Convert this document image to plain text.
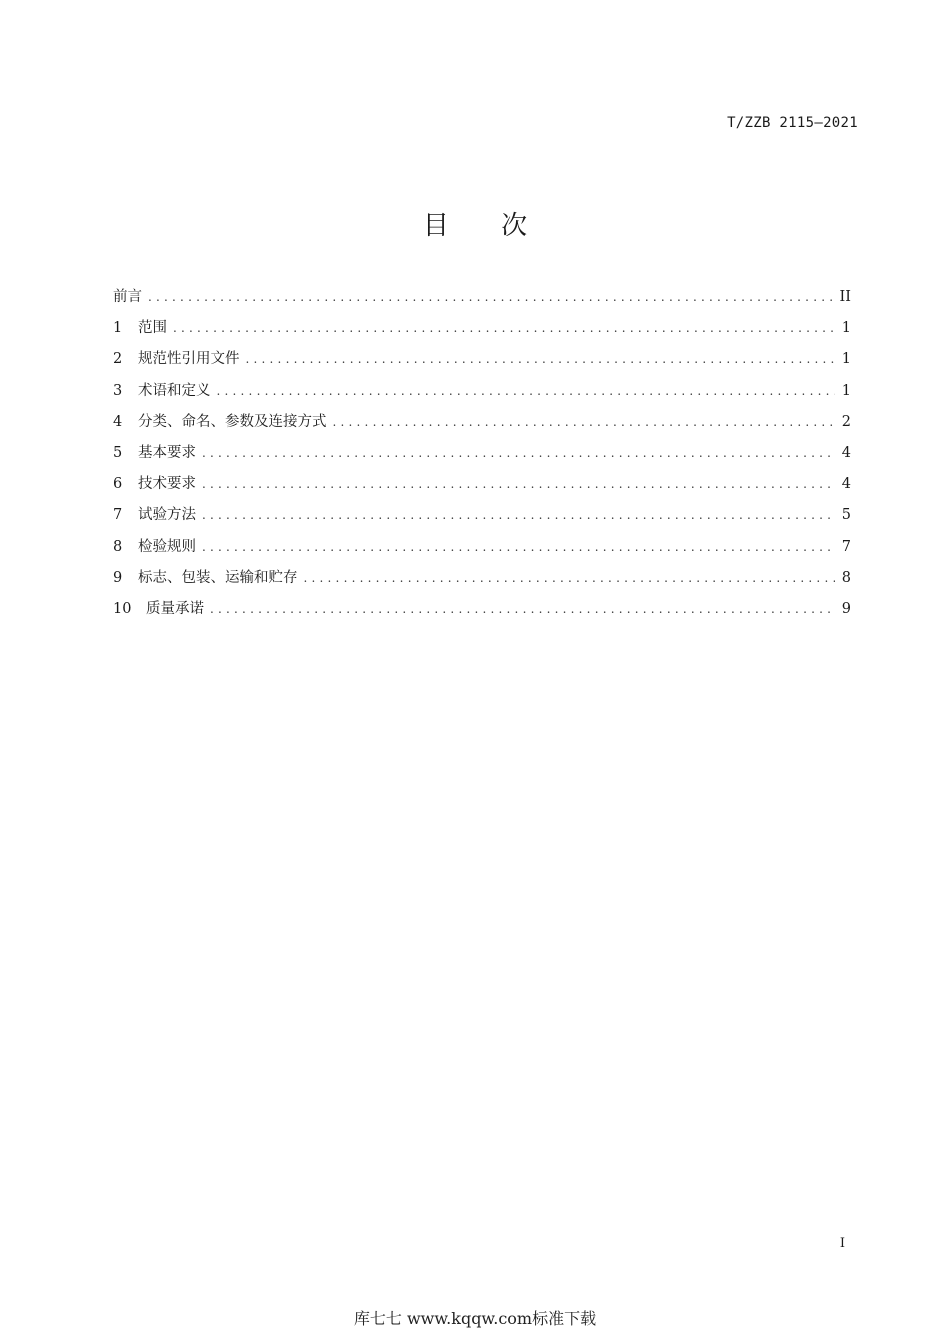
T/ZZB 2115—2021
目 次
前言 .....	II
1	范围 .....	1
2	规范性引用文件 .....	1
3	术语和定义 .....	1
4	分类、命名、参数及连接方式 .....	2
5	基本要求 .....	4
6	技术要求 .....	4
7	试验方法 .....	5
8	检验规则 .....	7
9	标志、包装、运输和贮存 .....	8
10	质量承诺 .....	9
I
库七七 www.kqqw.com标准下载
